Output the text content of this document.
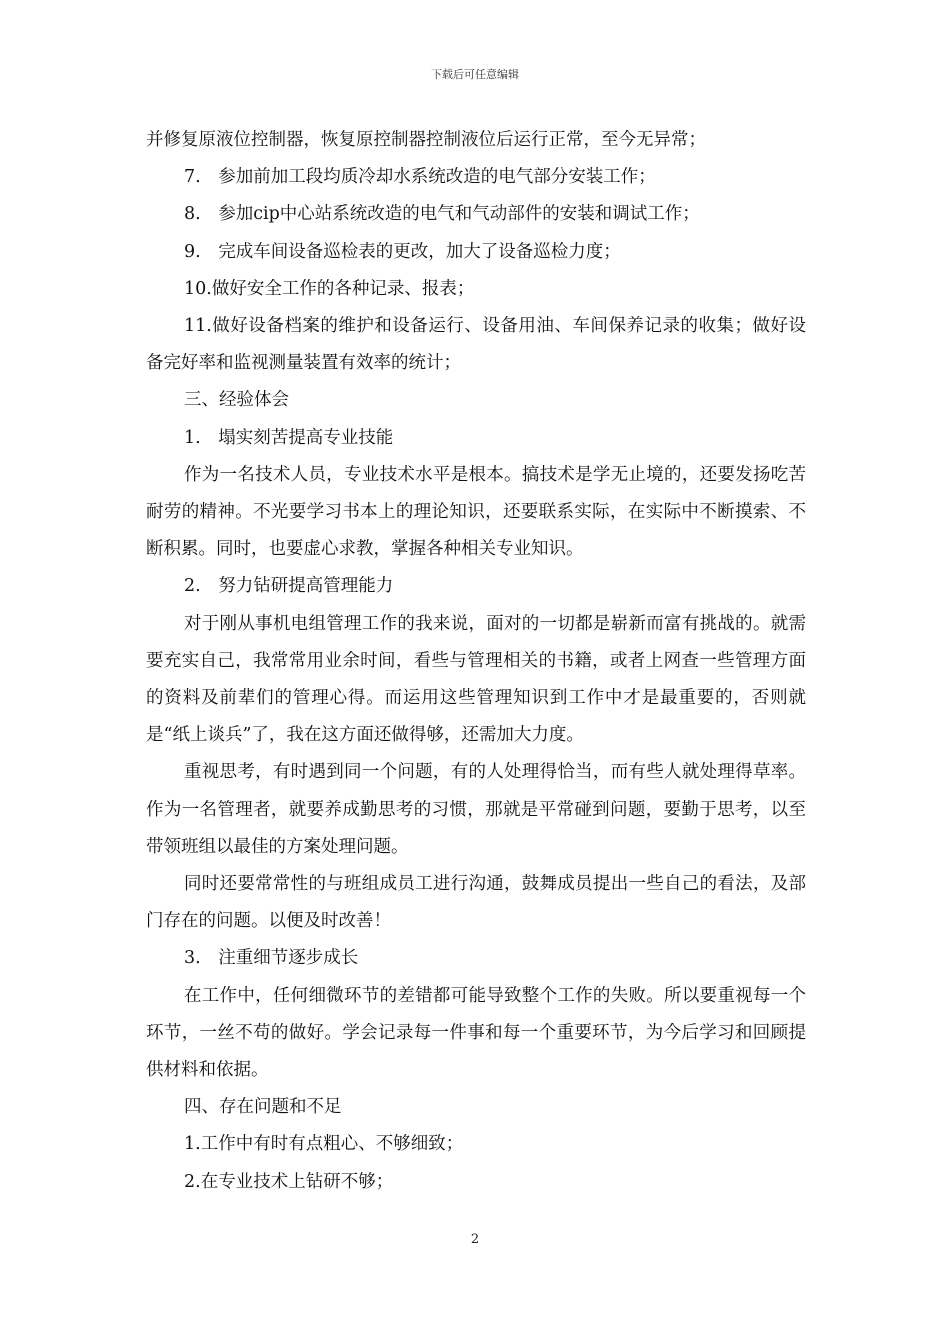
下载后可任意编辑

并修复原液位控制器，恢复原控制器控制液位后运行正常，至今无异常；

7.　参加前加工段均质冷却水系统改造的电气部分安装工作；

8.　参加cip中心站系统改造的电气和气动部件的安装和调试工作；

9.　完成车间设备巡检表的更改，加大了设备巡检力度；

10.做好安全工作的各种记录、报表；

11.做好设备档案的维护和设备运行、设备用油、车间保养记录的收集；做好设备完好率和监视测量装置有效率的统计；

三、经验体会

1.　塌实刻苦提高专业技能

作为一名技术人员，专业技术水平是根本。搞技术是学无止境的，还要发扬吃苦耐劳的精神。不光要学习书本上的理论知识，还要联系实际，在实际中不断摸索、不断积累。同时，也要虚心求教，掌握各种相关专业知识。

2.　努力钻研提高管理能力

对于刚从事机电组管理工作的我来说，面对的一切都是崭新而富有挑战的。就需要充实自己，我常常用业余时间，看些与管理相关的书籍，或者上网查一些管理方面的资料及前辈们的管理心得。而运用这些管理知识到工作中才是最重要的，否则就是“纸上谈兵”了，我在这方面还做得够，还需加大力度。

重视思考，有时遇到同一个问题，有的人处理得恰当，而有些人就处理得草率。作为一名管理者，就要养成勤思考的习惯，那就是平常碰到问题，要勤于思考，以至带领班组以最佳的方案处理问题。

同时还要常常性的与班组成员工进行沟通，鼓舞成员提出一些自己的看法，及部门存在的问题。以便及时改善！

3.　注重细节逐步成长

在工作中，任何细微环节的差错都可能导致整个工作的失败。所以要重视每一个环节，一丝不苟的做好。学会记录每一件事和每一个重要环节，为今后学习和回顾提供材料和依据。

四、存在问题和不足

1.工作中有时有点粗心、不够细致；

2.在专业技术上钻研不够；

2
